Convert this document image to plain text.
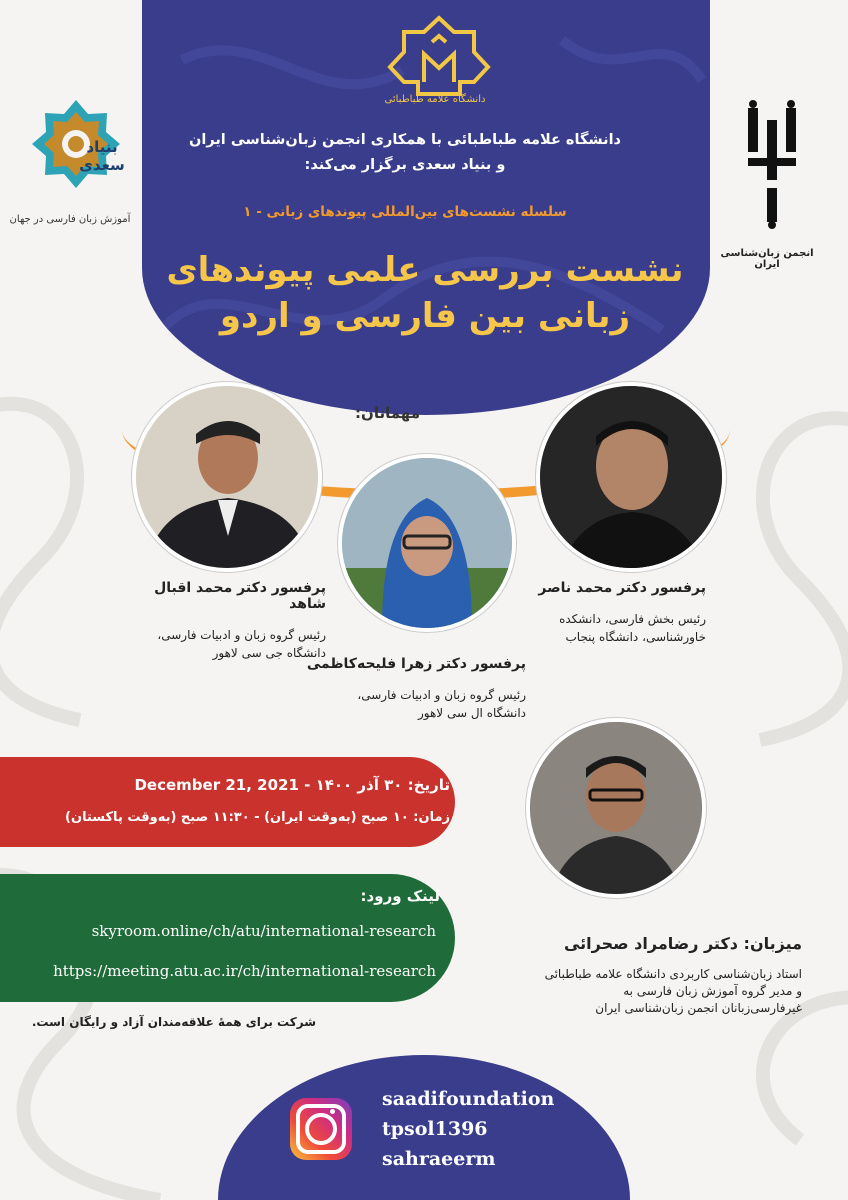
دانشگاه علامه طباطبائی
بنیاد سعدی
آموزش زبان فارسی در جهان
انجمن زبان‌شناسی ایران
دانشگاه علامه طباطبائی با همکاری انجمن زبان‌شناسی ایران
و بنیاد سعدی برگزار می‌کند:
سلسله نشست‌های بین‌المللی پیوندهای زبانی - ۱
نشست بررسی علمی پیوندهای
زبانی بین فارسی و اردو
مهمانان:
پرفسور دکتر محمد اقبال شاهد
رئیس گروه زبان و ادبیات فارسی،
دانشگاه جی سی لاهور
پرفسور دکتر زهرا فلیحه‌کاظمی
رئیس گروه زبان و ادبیات فارسی،
دانشگاه ال سی لاهور
پرفسور دکتر محمد ناصر
رئیس بخش فارسی، دانشکده
خاورشناسی، دانشگاه پنجاب
تاریخ: ۳۰ آذر ۱۴۰۰ - December 21, 2021
زمان: ۱۰ صبح (به‌وقت ایران) - ۱۱:۳۰ صبح (به‌وقت پاکستان)
لینک ورود:
skyroom.online/ch/atu/international-research
https://meeting.atu.ac.ir/ch/international-research
شرکت برای همهٔ علاقه‌مندان آزاد و رایگان است.
میزبان: دکتر رضامراد صحرائی
استاد زبان‌شناسی کاربردی دانشگاه علامه طباطبائی
و مدیر گروه آموزش زبان فارسی به
غیرفارسی‌زبانان انجمن زبان‌شناسی ایران
saadifoundation
tpsol1396
sahraeerm
